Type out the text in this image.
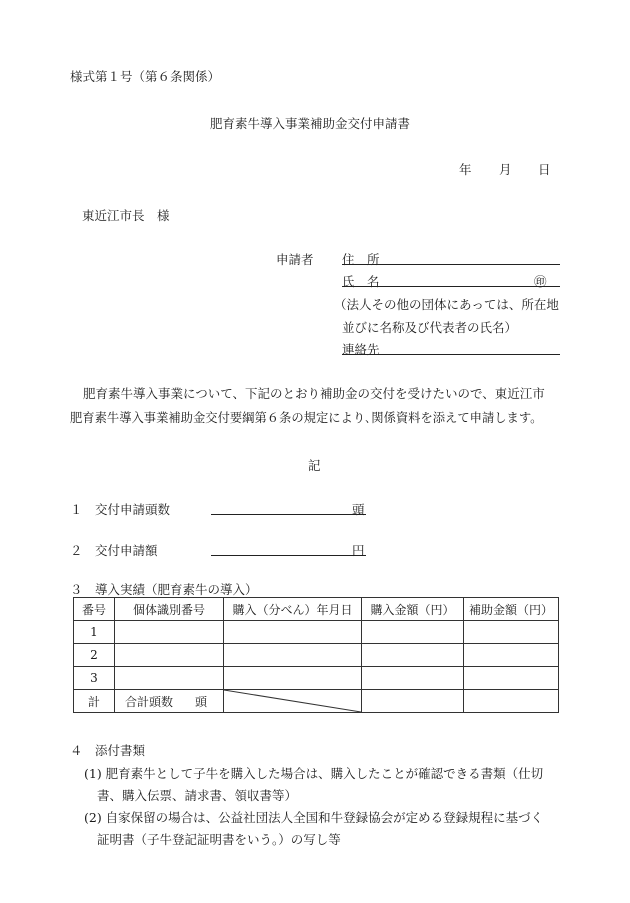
様式第１号（第６条関係）
肥育素牛導入事業補助金交付申請書
年 月 日
東近江市長　様
申請者 住　所
氏　名	㊞
（法人その他の団体にあっては、所在地
並びに名称及び代表者の氏名）
連絡先
肥育素牛導入事業について、下記のとおり補助金の交付を受けたいので、東近江市
肥育素牛導入事業補助金交付要綱第６条の規定により､関係資料を添えて申請します。
記
１　交付申請頭数	頭
２　交付申請額	円
３　導入実績（肥育素牛の導入）
番号	個体識別番号	購入（分べん）年月日	購入金額（円）	補助金額（円）
1				
2				
3				
計	合計頭数 頭	

４　添付書類
(1) 肥育素牛として子牛を購入した場合は、購入したことが確認できる書類（仕切
書、購入伝票、請求書、領収書等）
(2) 自家保留の場合は、公益社団法人全国和牛登録協会が定める登録規程に基づく
証明書（子牛登記証明書をいう。）の写し等
